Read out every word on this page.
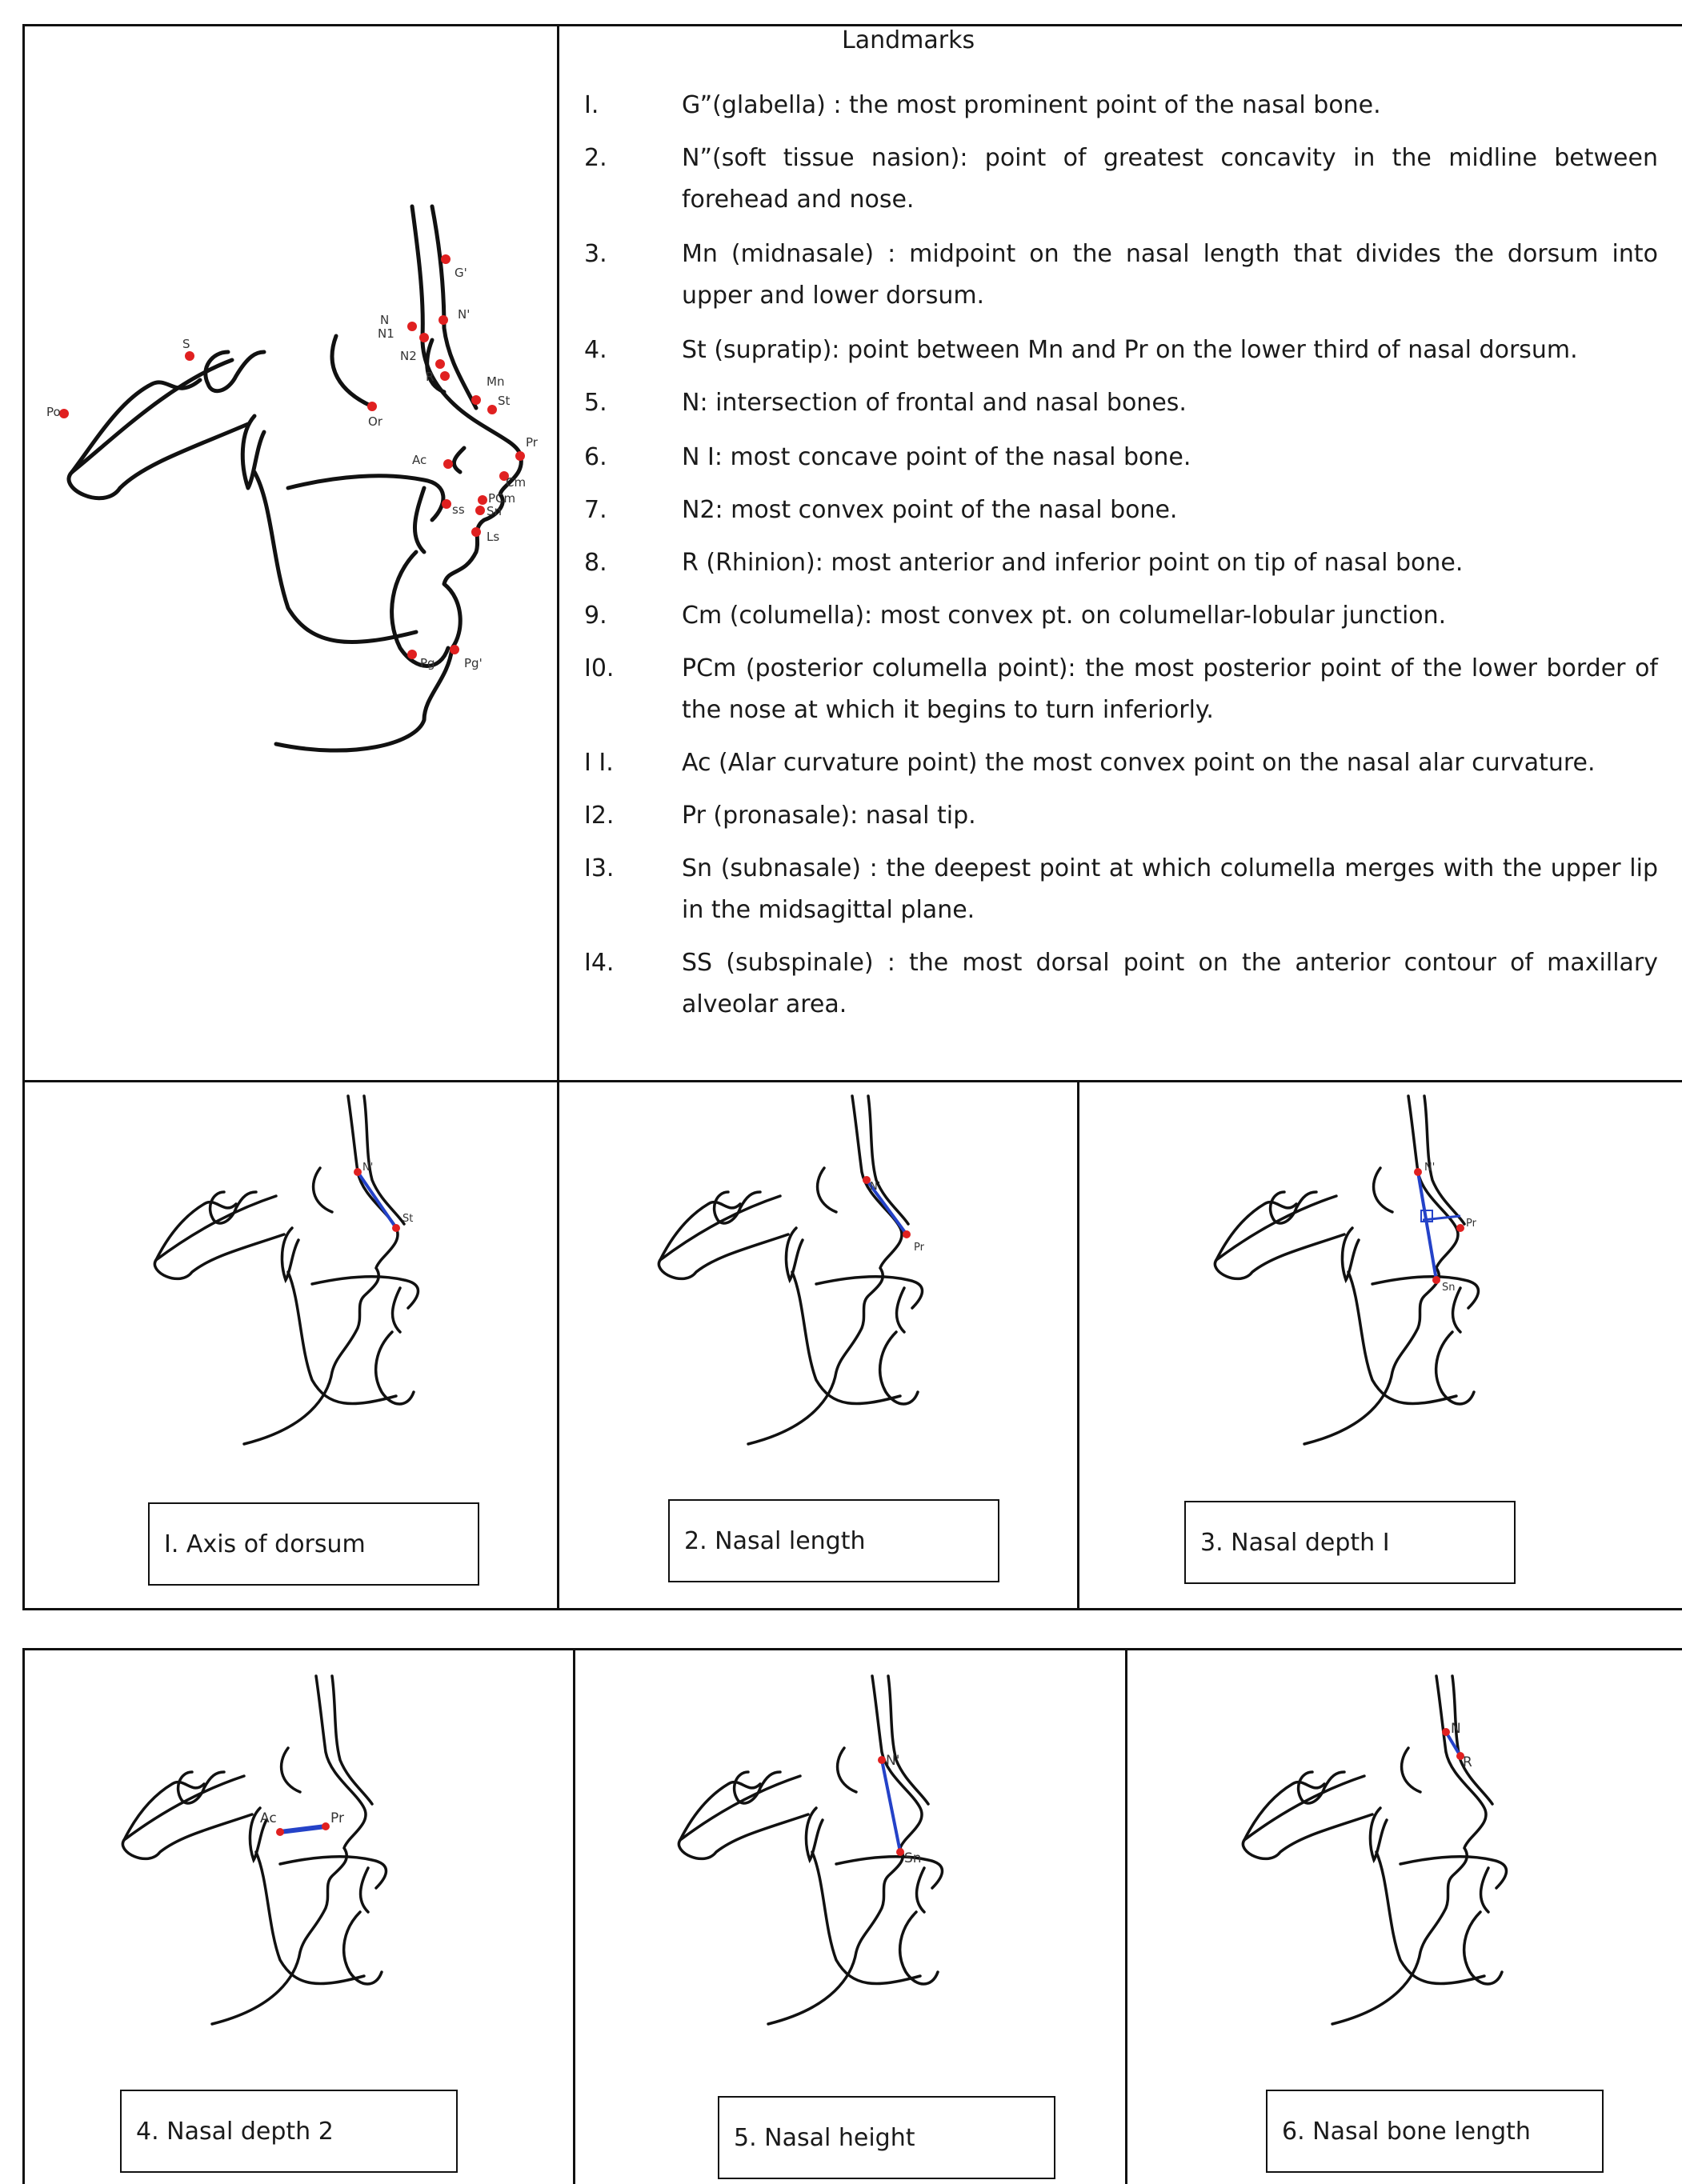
Landmarks
I.	G”(glabella) : the most prominent point of the nasal bone.
2.	N”(soft tissue nasion): point of greatest concavity in the midline between forehead and nose.
3.	Mn (midnasale) : midpoint on the nasal length that divides the dorsum into upper and lower dorsum.
4.	St (supratip): point between Mn and Pr on the lower third of nasal dorsum.
5.	N: intersection of frontal and nasal bones.
6.	N I: most concave point of the nasal bone.
7.	N2: most convex point of the nasal bone.
8.	R (Rhinion): most anterior and inferior point on tip of nasal bone.
9.	Cm (columella): most convex pt. on columellar-lobular junction.
I0.	PCm (posterior columella point): the most posterior point of the lower border of the nose at which it begins to turn inferiorly.
I I.	Ac (Alar curvature point) the most convex point on the nasal alar curvature.
I2.	Pr (pronasale): nasal tip.
I3.	Sn (subnasale) : the deepest point at which columella merges with the upper lip in the midsagittal plane.
I4.	SS (subspinale) : the most dorsal point on the anterior contour of maxillary alveolar area.
G'
N'
N
N1
N2
R	Mn
St
Pr
Cm
PCm
Sn
ss
Ls
Ac
Or
S
Po
Pg Pg'
N'
St
N'
Pr
N'
Pr
Sn
Ac	Pr
N'
Sn
N
R
I. Axis of dorsum	2. Nasal length	3. Nasal depth I
4. Nasal depth 2	5. Nasal height	6. Nasal bone length
